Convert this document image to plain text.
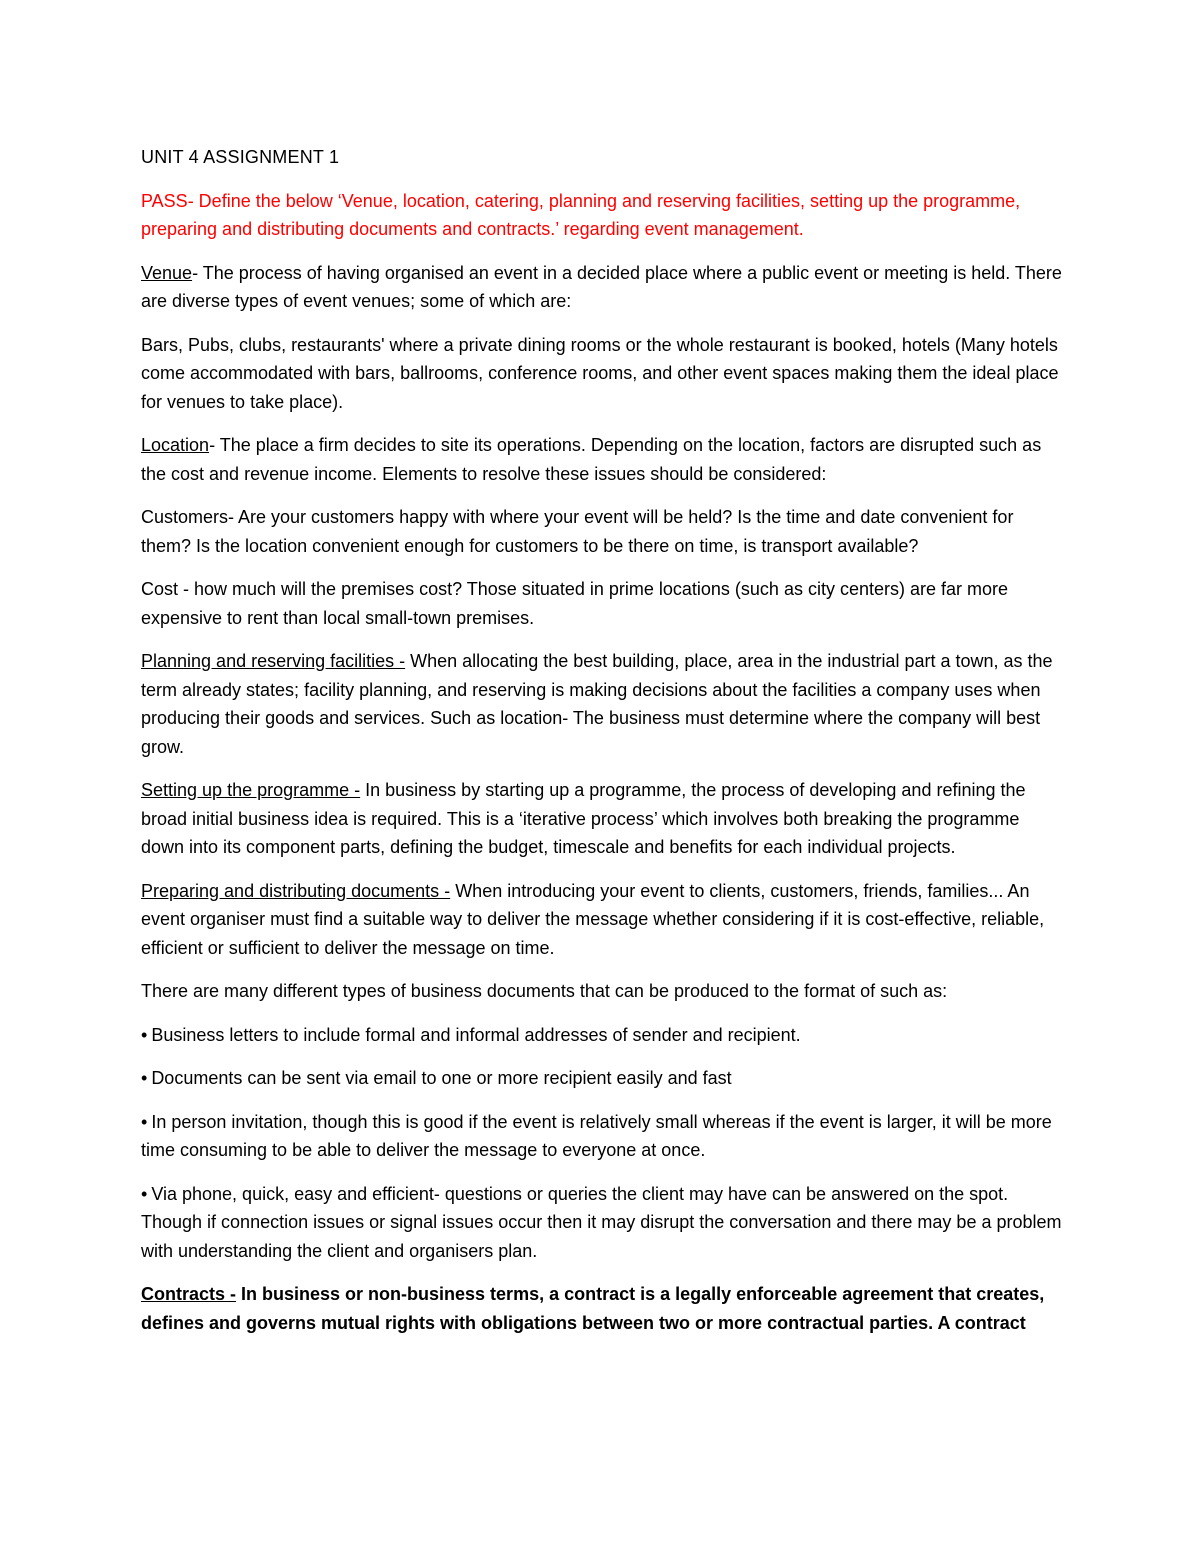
UNIT 4 ASSIGNMENT 1

PASS- Define the below ‘Venue, location, catering, planning and reserving facilities, setting up the programme, preparing and distributing documents and contracts.’ regarding event management.

Venue- The process of having organised an event in a decided place where a public event or meeting is held. There are diverse types of event venues; some of which are:

Bars, Pubs, clubs, restaurants' where a private dining rooms or the whole restaurant is booked, hotels (Many hotels come accommodated with bars, ballrooms, conference rooms, and other event spaces making them the ideal place for venues to take place).

Location- The place a firm decides to site its operations. Depending on the location, factors are disrupted such as the cost and revenue income. Elements to resolve these issues should be considered:

Customers- Are your customers happy with where your event will be held? Is the time and date convenient for them? Is the location convenient enough for customers to be there on time, is transport available?

Cost - how much will the premises cost? Those situated in prime locations (such as city centers) are far more expensive to rent than local small-town premises.

Planning and reserving facilities - When allocating the best building, place, area in the industrial part a town, as the term already states; facility planning, and reserving is making decisions about the facilities a company uses when producing their goods and services. Such as location- The business must determine where the company will best grow.

Setting up the programme - In business by starting up a programme, the process of developing and refining the broad initial business idea is required. This is a ‘iterative process’ which involves both breaking the programme down into its component parts, defining the budget, timescale and benefits for each individual projects.

Preparing and distributing documents - When introducing your event to clients, customers, friends, families... An event organiser must find a suitable way to deliver the message whether considering if it is cost-effective, reliable, efficient or sufficient to deliver the message on time.

There are many different types of business documents that can be produced to the format of such as:

• Business letters to include formal and informal addresses of sender and recipient.

• Documents can be sent via email to one or more recipient easily and fast

• In person invitation, though this is good if the event is relatively small whereas if the event is larger, it will be more time consuming to be able to deliver the message to everyone at once.

• Via phone, quick, easy and efficient- questions or queries the client may have can be answered on the spot. Though if connection issues or signal issues occur then it may disrupt the conversation and there may be a problem with understanding the client and organisers plan.

Contracts - In business or non-business terms, a contract is a legally enforceable agreement that creates, defines and governs mutual rights with obligations between two or more contractual parties. A contract
